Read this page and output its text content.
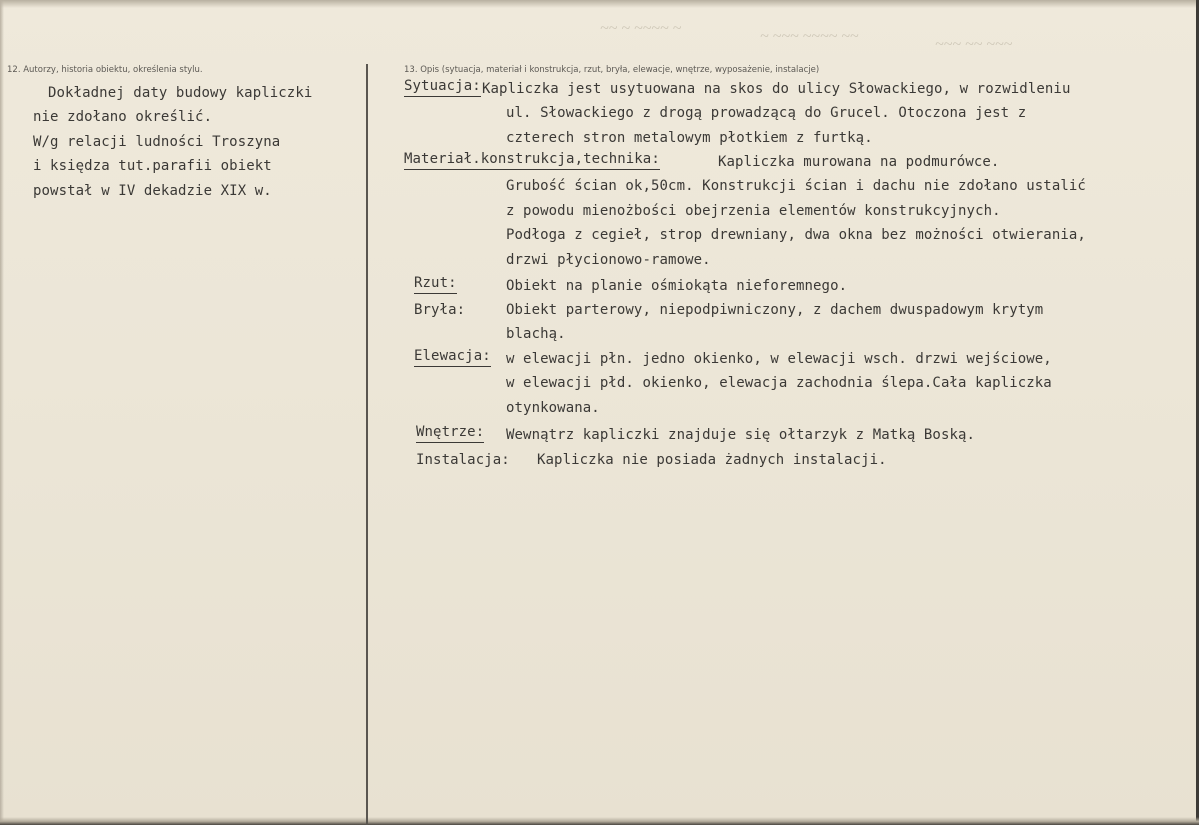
~~ ~ ~~~~ ~	~ ~~~ ~~~~ ~~	~~~ ~~ ~~~
12. Autorzy, historia obiektu, określenia stylu.	13. Opis (sytuacja, materiał i konstrukcja, rzut, bryła, elewacje, wnętrze, wyposażenie, instalacje)
Dokładnej daty budowy kapliczki
nie zdołano określić.
W/g relacji ludności Troszyna
i księdza tut.parafii obiekt
powstał w IV dekadzie XIX w.
Sytuacja: Kapliczka jest usytuowana na skos do ulicy Słowackiego, w rozwidleniu
ul. Słowackiego z drogą prowadzącą do Grucel. Otoczona jest z
czterech stron metalowym płotkiem z furtką.
Materiał.konstrukcja,technika:	Kapliczka murowana na podmurówce.
Grubość ścian ok,50cm. Konstrukcji ścian i dachu nie zdołano ustalić
z powodu mienożbości obejrzenia elementów konstrukcyjnych.
Podłoga z cegieł, strop drewniany, dwa okna bez możności otwierania,
drzwi płycionowo-ramowe.
Rzut:	Obiekt na planie ośmiokąta nieforemnego.
Bryła:	Obiekt parterowy, niepodpiwniczony, z dachem dwuspadowym krytym
blachą.
Elewacja: w elewacji płn. jedno okienko, w elewacji wsch. drzwi wejściowe,
w elewacji płd. okienko, elewacja zachodnia ślepa.Cała kapliczka
otynkowana.
Wnętrze: Wewnątrz kapliczki znajduje się ołtarzyk z Matką Boską.
Instalacja: Kapliczka nie posiada żadnych instalacji.
